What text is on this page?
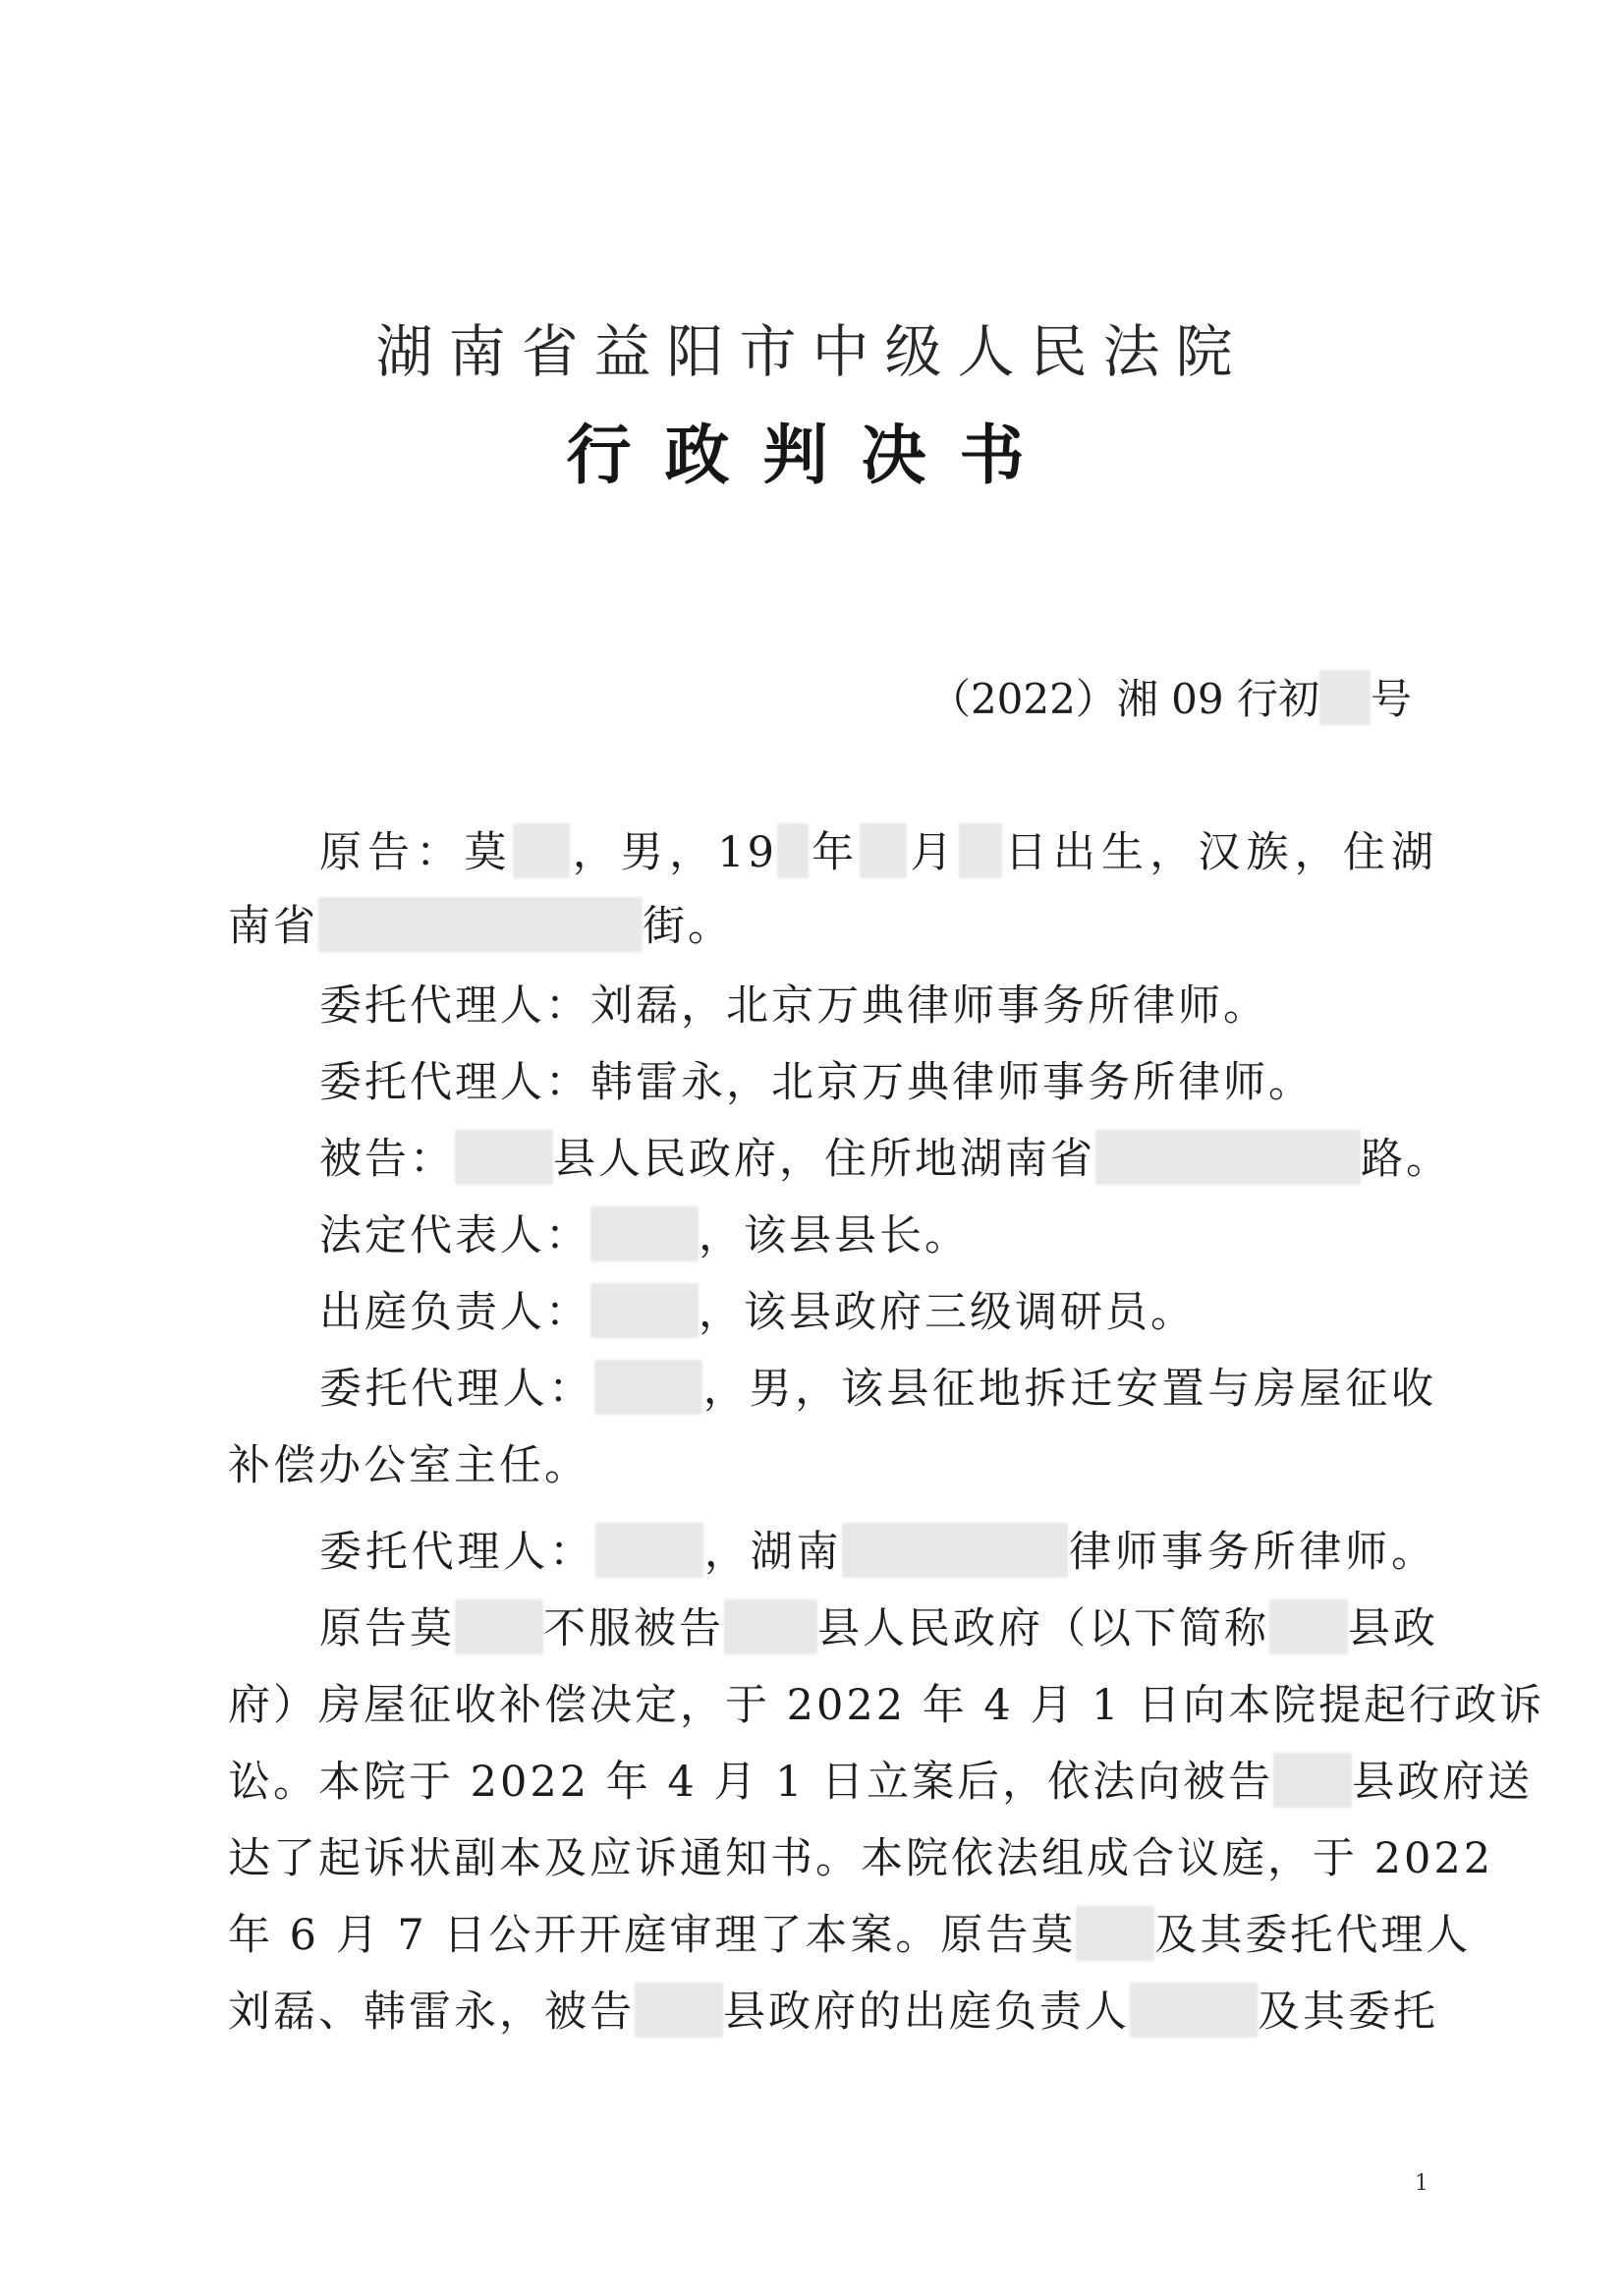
湖南省益阳市中级人民法院
行政判决书
（2022）湘 09 行初 号
原告：莫 ，男，19 年 月 日出生，汉族，住湖
南省	街。
委托代理人：刘磊，北京万典律师事务所律师。
委托代理人：韩雷永，北京万典律师事务所律师。
被告： 县人民政府，住所地湖南省	路。
法定代表人：	，该县县长。
出庭负责人：	，该县政府三级调研员。
委托代理人：	，男，该县征地拆迁安置与房屋征收
补偿办公室主任。
委托代理人：	，湖南	律师事务所律师。
原告莫 不服被告 县人民政府（以下简称 县政
府）房屋征收补偿决定，于 2022 年 4 月 1 日向本院提起行政诉
讼。本院于 2022 年 4 月 1 日立案后，依法向被告 县政府送
达了起诉状副本及应诉通知书。本院依法组成合议庭，于 2022
年 6 月 7 日公开开庭审理了本案。原告莫 及其委托代理人
刘磊、韩雷永，被告 县政府的出庭负责人	及其委托
1
